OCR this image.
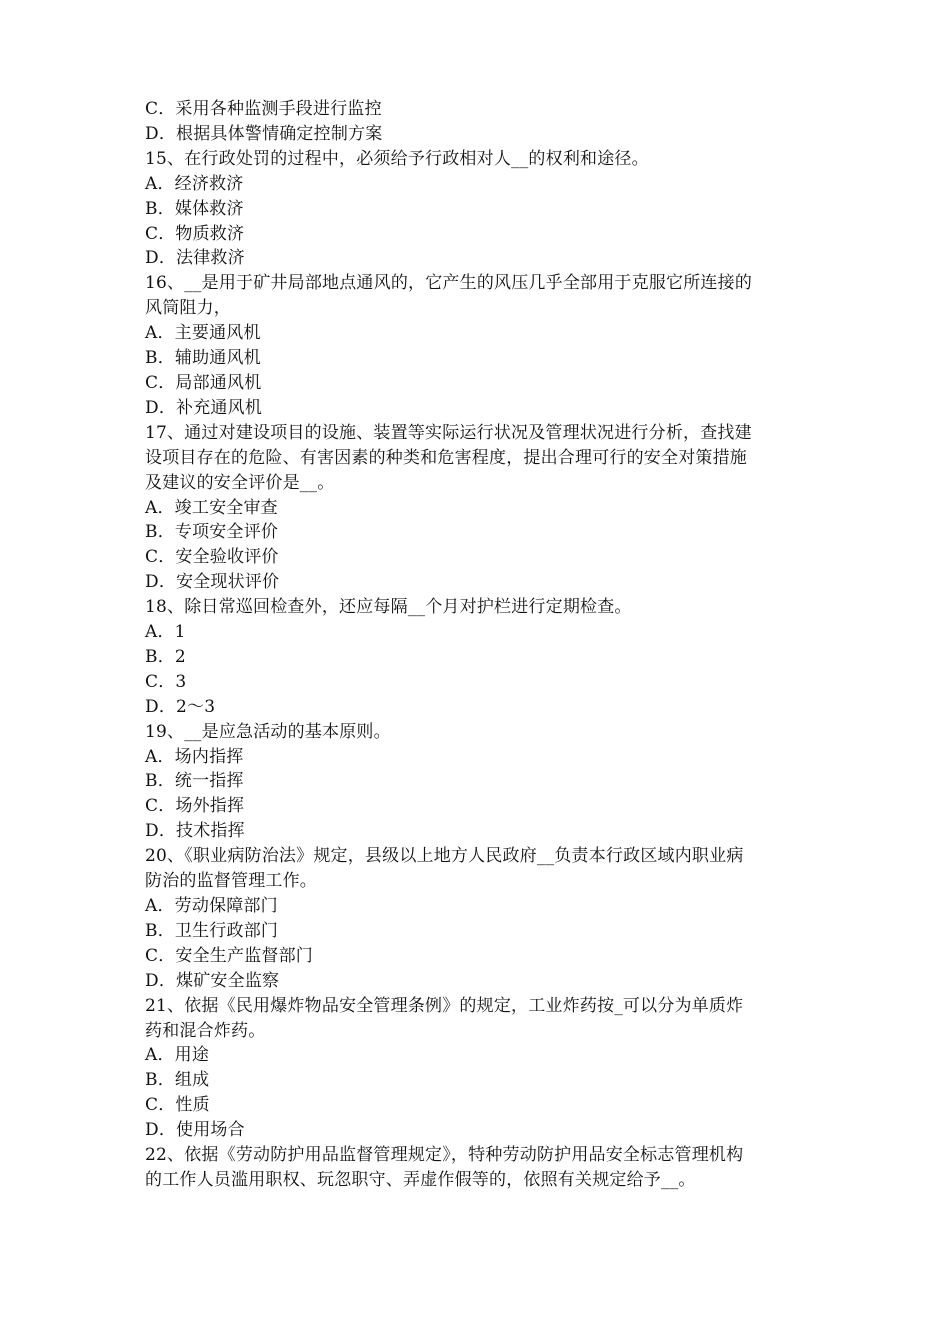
C．采用各种监测手段进行监控
D．根据具体警情确定控制方案
15、在行政处罚的过程中，必须给予行政相对人__的权利和途径。
A．经济救济
B．媒体救济
C．物质救济
D．法律救济
16、__是用于矿井局部地点通风的，它产生的风压几乎全部用于克服它所连接的
风筒阻力，
A．主要通风机
B．辅助通风机
C．局部通风机
D．补充通风机
17、通过对建设项目的设施、装置等实际运行状况及管理状况进行分析，查找建
设项目存在的危险、有害因素的种类和危害程度，提出合理可行的安全对策措施
及建议的安全评价是__。
A．竣工安全审查
B．专项安全评价
C．安全验收评价
D．安全现状评价
18、除日常巡回检查外，还应每隔__个月对护栏进行定期检查。
A．1
B．2
C．3
D．2～3
19、__是应急活动的基本原则。
A．场内指挥
B．统一指挥
C．场外指挥
D．技术指挥
20、《职业病防治法》规定，县级以上地方人民政府__负责本行政区域内职业病
防治的监督管理工作。
A．劳动保障部门
B．卫生行政部门
C．安全生产监督部门
D．煤矿安全监察
21、依据《民用爆炸物品安全管理条例》的规定，工业炸药按_可以分为单质炸
药和混合炸药。
A．用途
B．组成
C．性质
D．使用场合
22、依据《劳动防护用品监督管理规定》，特种劳动防护用品安全标志管理机构
的工作人员滥用职权、玩忽职守、弄虚作假等的，依照有关规定给予__。
